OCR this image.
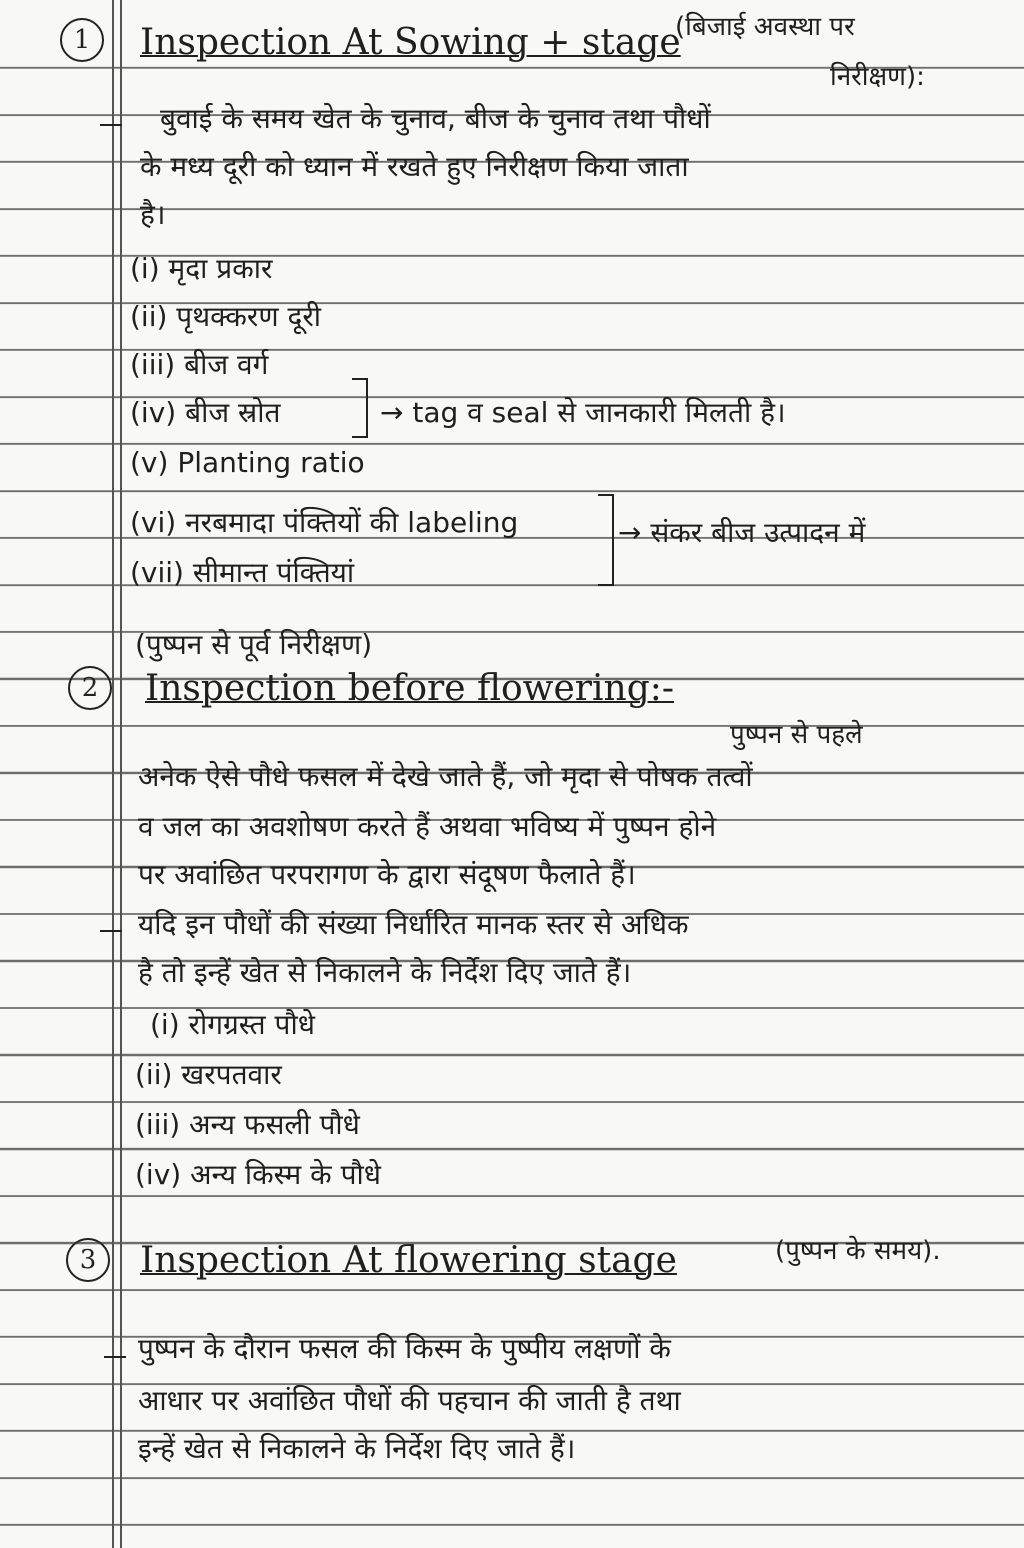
1	Inspection At Sowing + stage
(बिजाई अवस्था पर
निरीक्षण):
बुवाई के समय खेत के चुनाव, बीज के चुनाव तथा पौधों
के मध्य दूरी को ध्यान में रखते हुए निरीक्षण किया जाता
है।
(i) मृदा प्रकार
(ii) पृथक्करण दूरी
(iii) बीज वर्ग
(iv) बीज स्रोत	→ tag व seal से जानकारी मिलती है।
(v) Planting ratio
(vi) नरबमादा पंक्तियों की labeling	→ संकर बीज उत्पादन में
(vii) सीमान्त पंक्तियां
(पुष्पन से पूर्व निरीक्षण)
2	Inspection before flowering:-
पुष्पन से पहले
अनेक ऐसे पौधे फसल में देखे जाते हैं, जो मृदा से पोषक तत्वों
व जल का अवशोषण करते हैं अथवा भविष्य में पुष्पन होने
पर अवांछित परपरागण के द्वारा संदूषण फैलाते हैं।
यदि इन पौधों की संख्या निर्धारित मानक स्तर से अधिक
है तो इन्हें खेत से निकालने के निर्देश दिए जाते हैं।
(i) रोगग्रस्त पौधे
(ii) खरपतवार
(iii) अन्य फसली पौधे
(iv) अन्य किस्म के पौधे
3	Inspection At flowering stage	(पुष्पन के समय).
पुष्पन के दौरान फसल की किस्म के पुष्पीय लक्षणों के
आधार पर अवांछित पौधों की पहचान की जाती है तथा
इन्हें खेत से निकालने के निर्देश दिए जाते हैं।
